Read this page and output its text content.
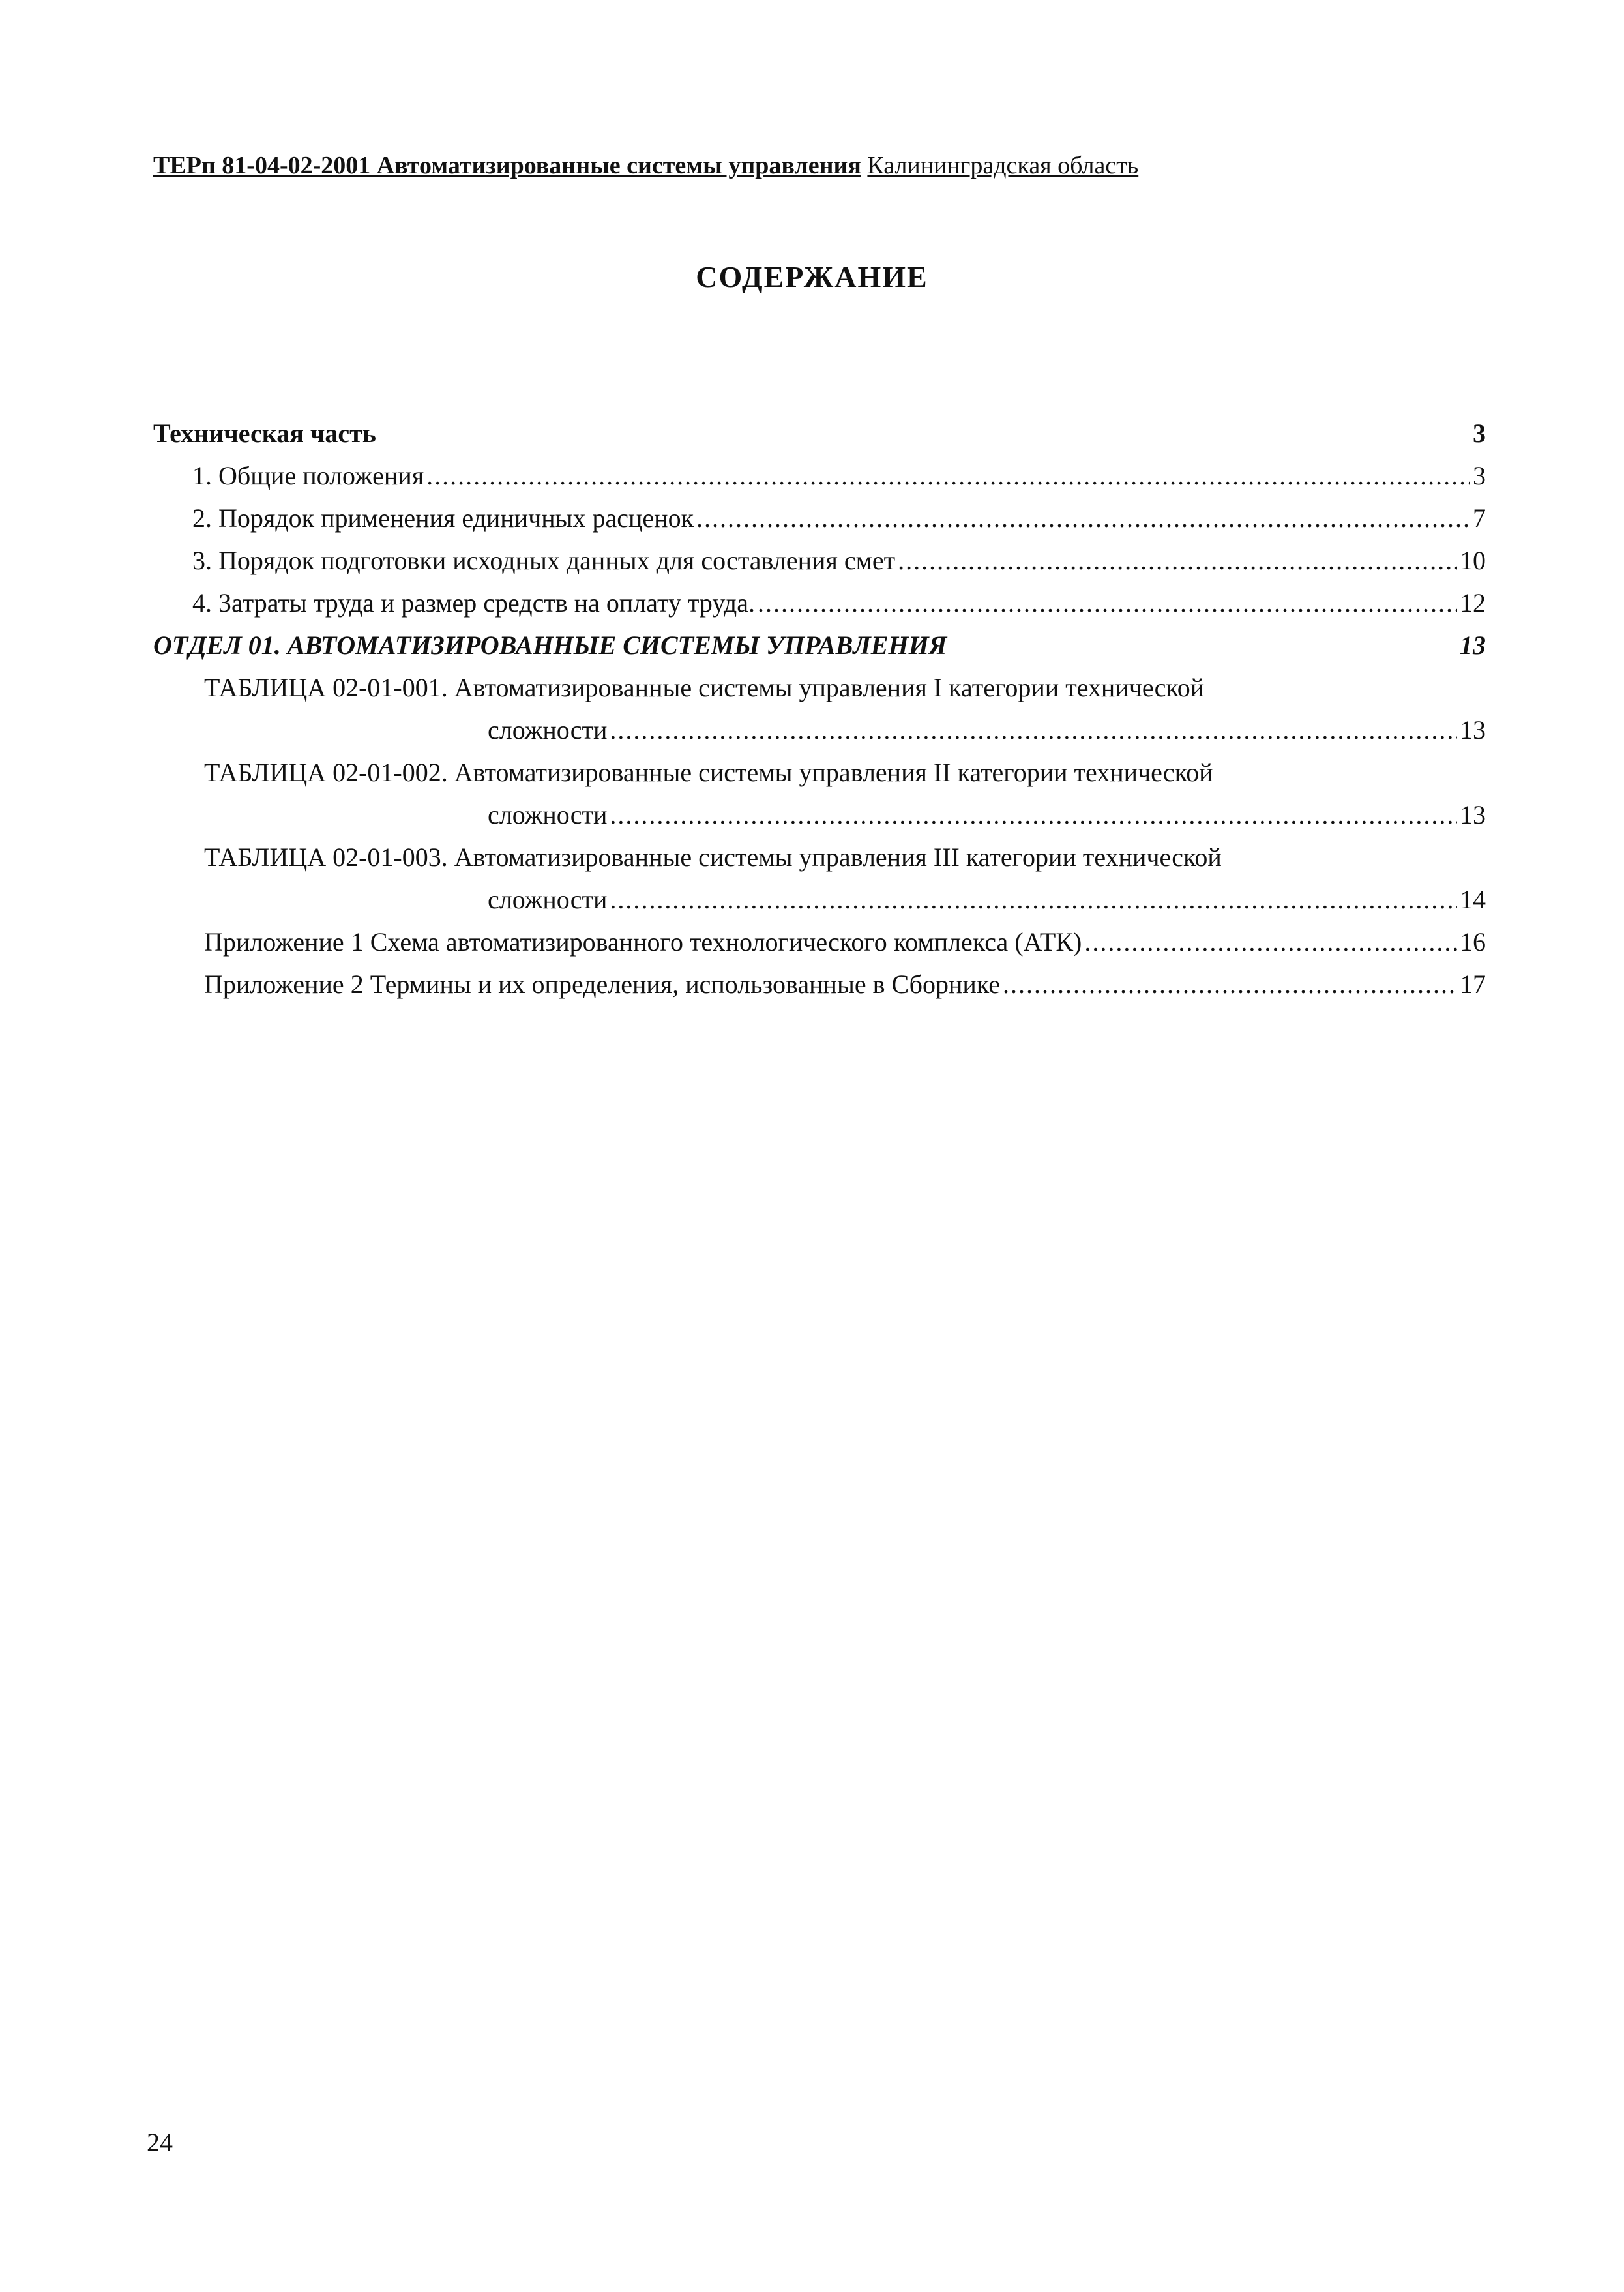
ТЕРп 81-04-02-2001 Автоматизированные системы управления Калининградская область
СОДЕРЖАНИЕ
Техническая часть	3
1. Общие положения .....	3
2. Порядок применения единичных расценок .....	7
3. Порядок подготовки исходных данных для составления смет .....	10
4. Затраты труда и размер средств на оплату труда. .....	12
ОТДЕЛ 01. АВТОМАТИЗИРОВАННЫЕ СИСТЕМЫ УПРАВЛЕНИЯ	13
ТАБЛИЦА 02-01-001. Автоматизированные системы управления I категории технической
сложности .....	13
ТАБЛИЦА 02-01-002. Автоматизированные системы управления II категории технической
сложности .....	13
ТАБЛИЦА 02-01-003. Автоматизированные системы управления III категории технической
сложности .....	14
Приложение 1 Схема автоматизированного технологического комплекса (АТК) .....	16
Приложение 2 Термины и их определения, использованные в Сборнике .....	17
24
